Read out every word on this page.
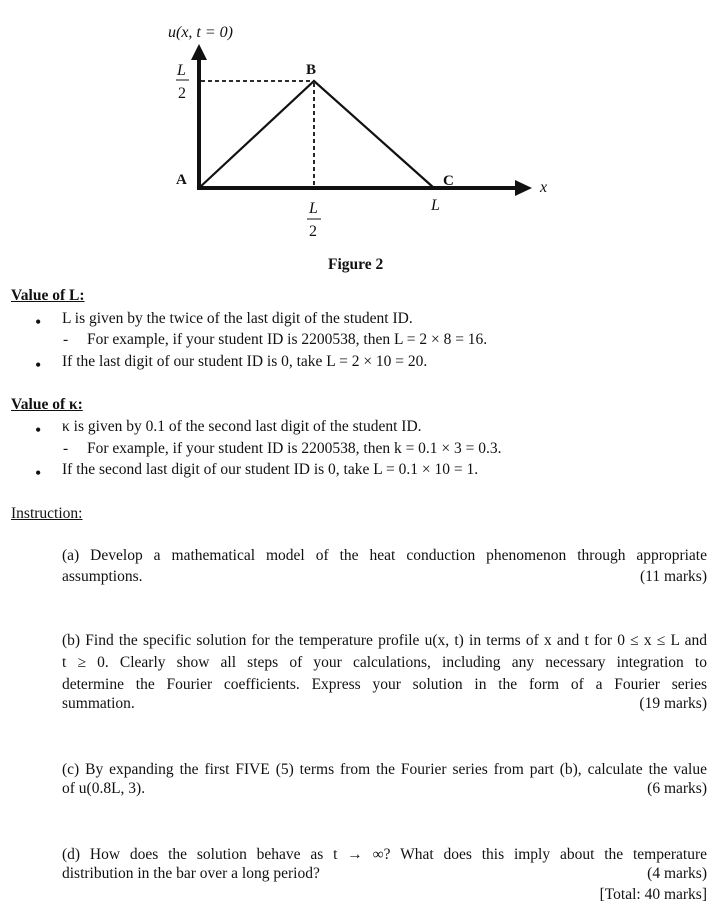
u(x, t = 0)
L
2
B
A	C	x
L
2
L
Figure 2
Value of L:
• L is given by the twice of the last digit of the student ID.
- For example, if your student ID is 2200538, then L = 2 × 8 = 16.
• If the last digit of our student ID is 0, take L = 2 × 10 = 20.
Value of κ:
• κ is given by 0.1 of the second last digit of the student ID.
- For example, if your student ID is 2200538, then k = 0.1 × 3 = 0.3.
• If the second last digit of our student ID is 0, take L = 0.1 × 10 = 1.
Instruction:
(a) Develop a mathematical model of the heat conduction phenomenon through appropriate
assumptions.	(11 marks)
(b) Find the specific solution for the temperature profile u(x, t) in terms of x and t for 0 ≤ x ≤ L and
t ≥ 0. Clearly show all steps of your calculations, including any necessary integration to
determine the Fourier coefficients. Express your solution in the form of a Fourier series
summation.	(19 marks)
(c) By expanding the first FIVE (5) terms from the Fourier series from part (b), calculate the value
of u(0.8L, 3).	(6 marks)
(d) How does the solution behave as t → ∞? What does this imply about the temperature
distribution in the bar over a long period?	(4 marks)
[Total: 40 marks]
